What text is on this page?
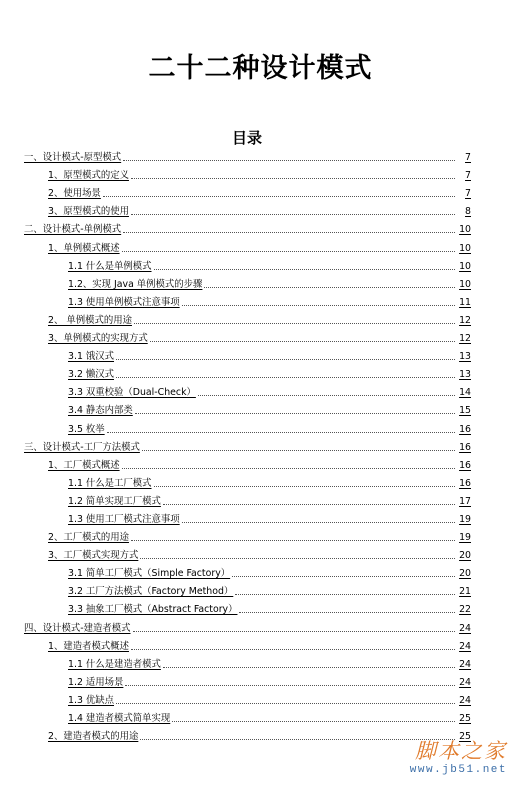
二十二种设计模式
目录
一、设计模式-原型模式	7
1、原型模式的定义	7
2、使用场景	7
3、原型模式的使用	8
二、设计模式-单例模式	10
1、单例模式概述	10
1.1 什么是单例模式	10
1.2、实现 Java 单例模式的步骤	10
1.3 使用单例模式注意事项	11
2、 单例模式的用途	12
3、单例模式的实现方式	12
3.1 饿汉式	13
3.2 懒汉式	13
3.3 双重校验（Dual-Check）	14
3.4 静态内部类	15
3.5 枚举	16
三、设计模式-工厂方法模式	16
1、工厂模式概述	16
1.1 什么是工厂模式	16
1.2 简单实现工厂模式	17
1.3 使用工厂模式注意事项	19
2、工厂模式的用途	19
3、工厂模式实现方式	20
3.1 简单工厂模式（Simple Factory）	20
3.2 工厂方法模式（Factory Method）	21
3.3 抽象工厂模式（Abstract Factory）	22
四、设计模式-建造者模式	24
1、建造者模式概述	24
1.1 什么是建造者模式	24
1.2 适用场景	24
1.3 优缺点	24
1.4 建造者模式简单实现	25
2、建造者模式的用途	25
脚本之家
www.jb51.net
